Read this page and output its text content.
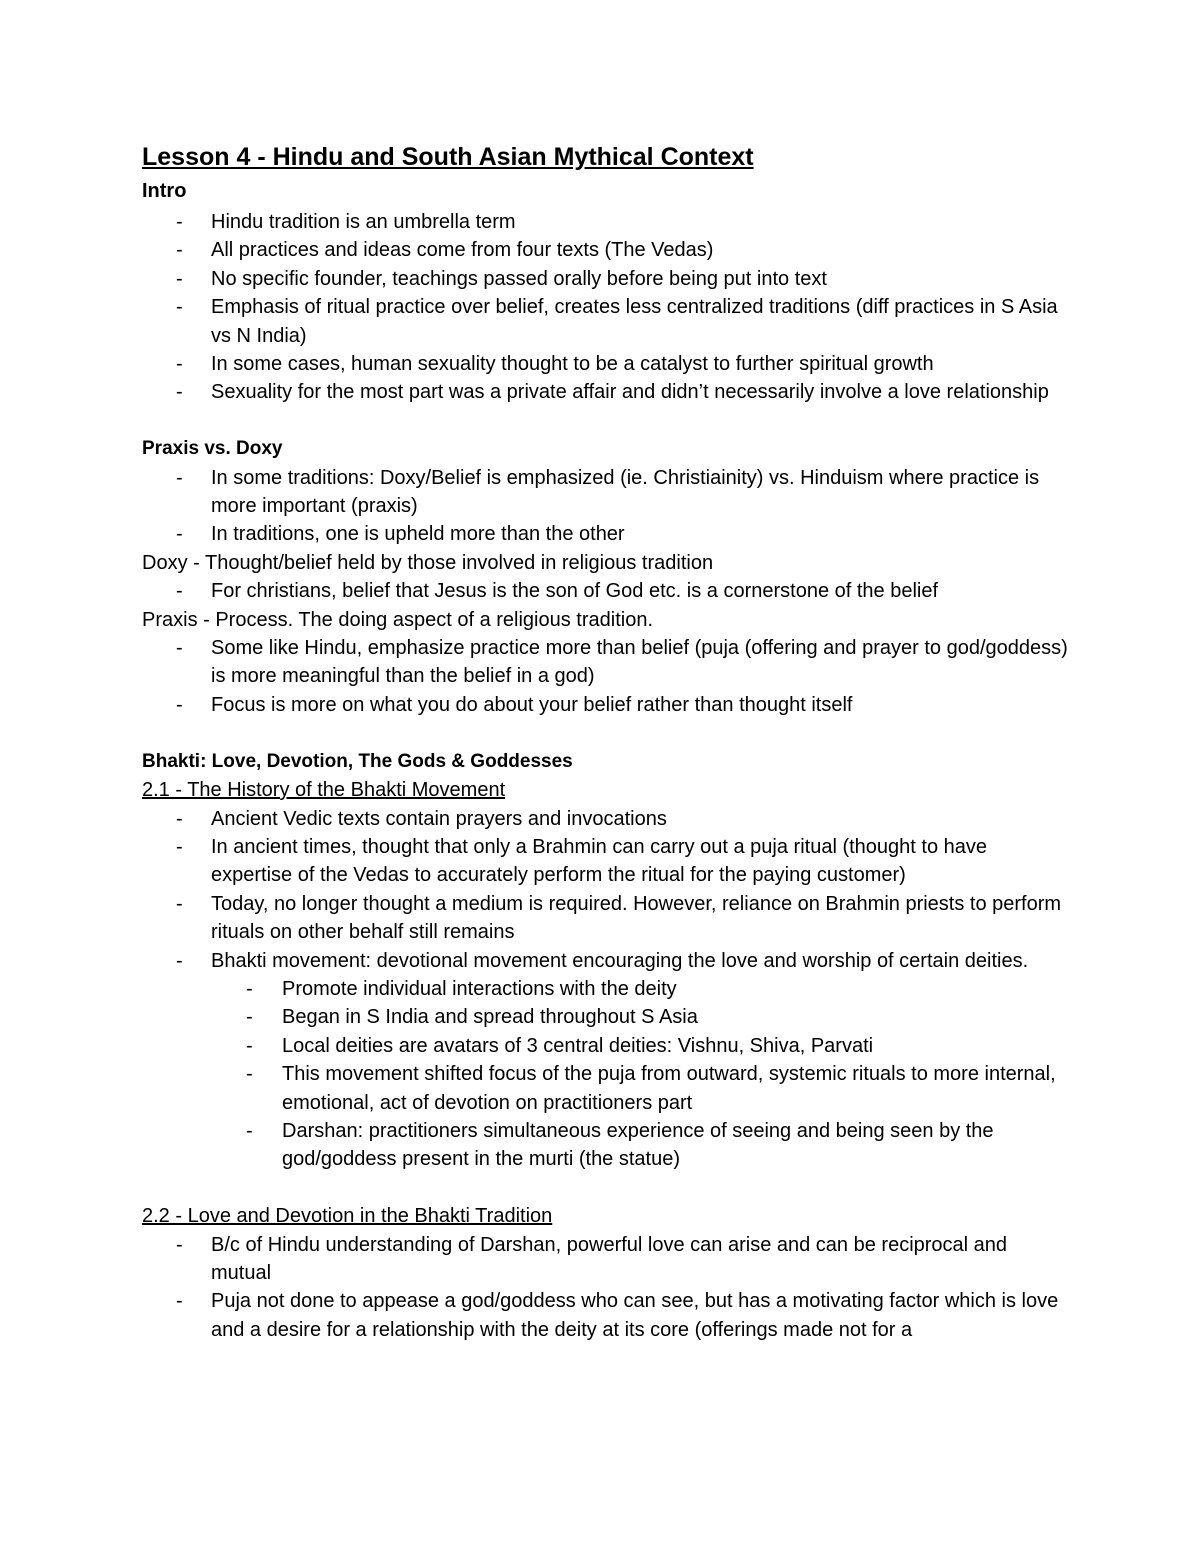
Lesson 4 - Hindu and South Asian Mythical Context
Intro
- Hindu tradition is an umbrella term
- All practices and ideas come from four texts (The Vedas)
- No specific founder, teachings passed orally before being put into text
- Emphasis of ritual practice over belief, creates less centralized traditions (diff practices in S Asia vs N India)
- In some cases, human sexuality thought to be a catalyst to further spiritual growth
- Sexuality for the most part was a private affair and didn’t necessarily involve a love relationship
Praxis vs. Doxy
- In some traditions: Doxy/Belief is emphasized (ie. Christiainity) vs. Hinduism where practice is more important (praxis)
- In traditions, one is upheld more than the other
Doxy - Thought/belief held by those involved in religious tradition
- For christians, belief that Jesus is the son of God etc. is a cornerstone of the belief
Praxis - Process. The doing aspect of a religious tradition.
- Some like Hindu, emphasize practice more than belief (puja (offering and prayer to god/goddess) is more meaningful than the belief in a god)
- Focus is more on what you do about your belief rather than thought itself
Bhakti: Love, Devotion, The Gods & Goddesses
2.1 - The History of the Bhakti Movement
- Ancient Vedic texts contain prayers and invocations
- In ancient times, thought that only a Brahmin can carry out a puja ritual (thought to have expertise of the Vedas to accurately perform the ritual for the paying customer)
- Today, no longer thought a medium is required. However, reliance on Brahmin priests to perform rituals on other behalf still remains
- Bhakti movement: devotional movement encouraging the love and worship of certain deities.
- Promote individual interactions with the deity
- Began in S India and spread throughout S Asia
- Local deities are avatars of 3 central deities: Vishnu, Shiva, Parvati
- This movement shifted focus of the puja from outward, systemic rituals to more internal, emotional, act of devotion on practitioners part
- Darshan: practitioners simultaneous experience of seeing and being seen by the god/goddess present in the murti (the statue)
2.2 - Love and Devotion in the Bhakti Tradition
- B/c of Hindu understanding of Darshan, powerful love can arise and can be reciprocal and mutual
- Puja not done to appease a god/goddess who can see, but has a motivating factor which is love and a desire for a relationship with the deity at its core (offerings made not for a
